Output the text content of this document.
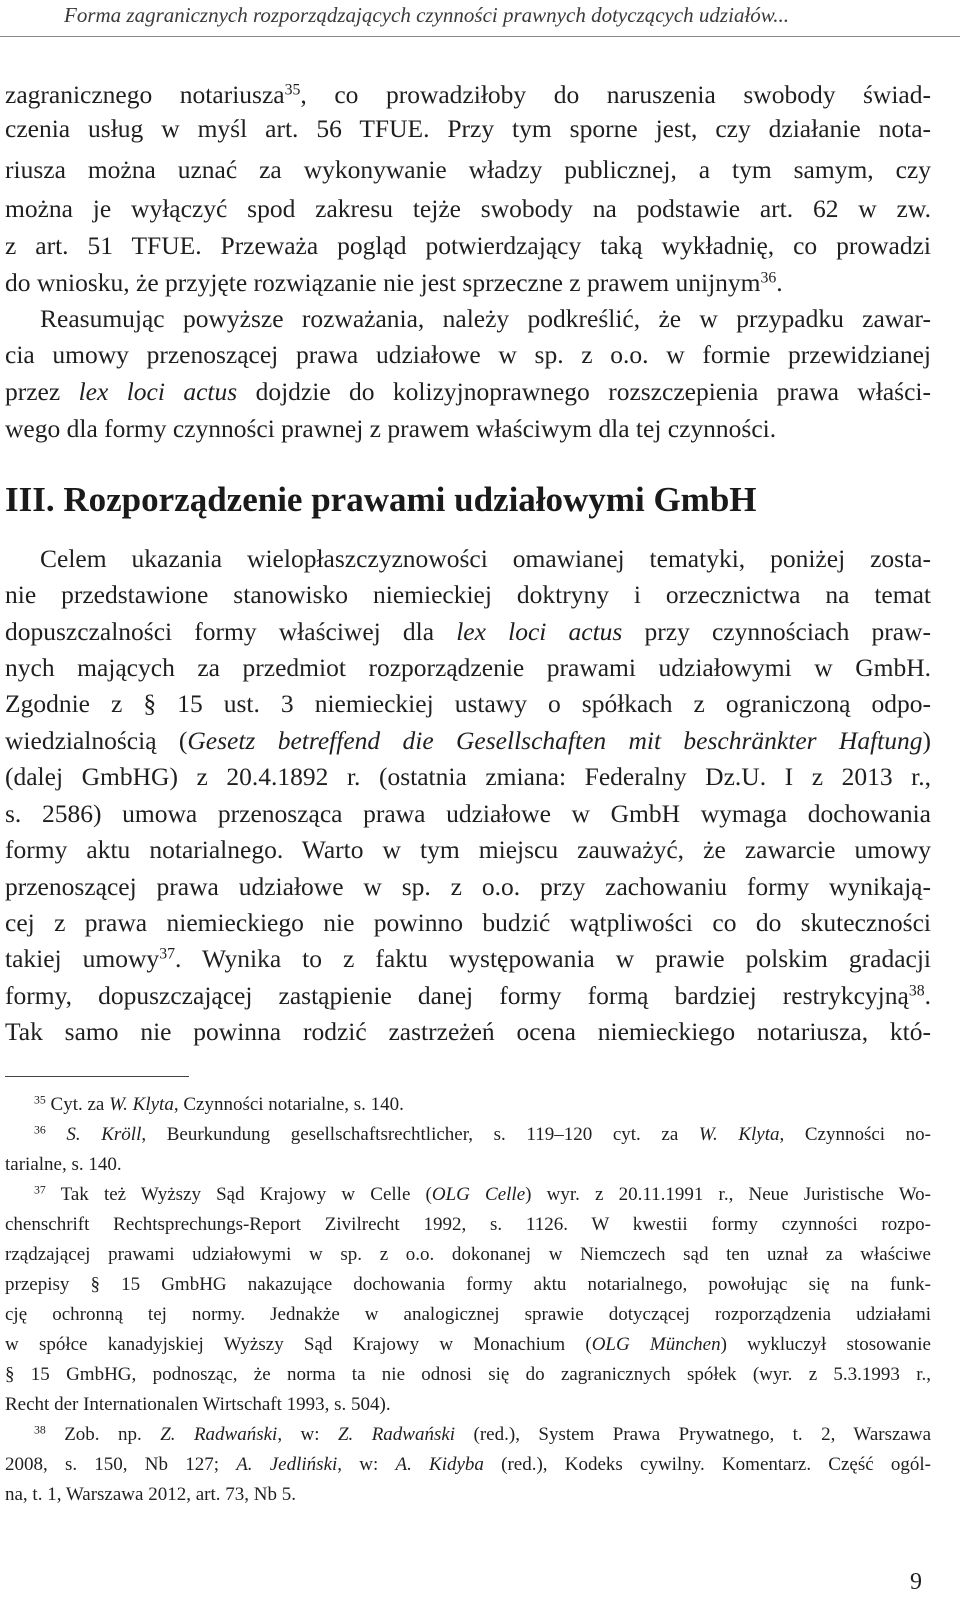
Forma zagranicznych rozporządzających czynności prawnych dotyczących udziałów...
zagranicznego notariusza$^{35}$, co prowadziłoby do naruszenia swobody świad-
czenia usług w myśl art. 56 TFUE. Przy tym sporne jest, czy działanie nota-
riusza można uznać za wykonywanie władzy publicznej, a tym samym, czy
można je wyłączyć spod zakresu tejże swobody na podstawie art. 62 w zw.
z art. 51 TFUE. Przeważa pogląd potwierdzający taką wykładnię, co prowadzi
do wniosku, że przyjęte rozwiązanie nie jest sprzeczne z prawem unijnym$^{36}$.
Reasumując powyższe rozważania, należy podkreślić, że w przypadku zawar-
cia umowy przenoszącej prawa udziałowe w sp. z o.o. w formie przewidzianej
przez lex loci actus dojdzie do kolizyjnoprawnego rozszczepienia prawa właści-
wego dla formy czynności prawnej z prawem właściwym dla tej czynności.
III. Rozporządzenie prawami udziałowymi GmbH
Celem ukazania wielopłaszczyznowości omawianej tematyki, poniżej zosta-
nie przedstawione stanowisko niemieckiej doktryny i orzecznictwa na temat
dopuszczalności formy właściwej dla lex loci actus przy czynnościach praw-
nych mających za przedmiot rozporządzenie prawami udziałowymi w GmbH.
Zgodnie z § 15 ust. 3 niemieckiej ustawy o spółkach z ograniczoną odpo-
wiedzialnością (Gesetz betreffend die Gesellschaften mit beschränkter Haftung)
(dalej GmbHG) z 20.4.1892 r. (ostatnia zmiana: Federalny Dz.U. I z 2013 r.,
s. 2586) umowa przenosząca prawa udziałowe w GmbH wymaga dochowania
formy aktu notarialnego. Warto w tym miejscu zauważyć, że zawarcie umowy
przenoszącej prawa udziałowe w sp. z o.o. przy zachowaniu formy wynikają-
cej z prawa niemieckiego nie powinno budzić wątpliwości co do skuteczności
takiej umowy$^{37}$. Wynika to z faktu występowania w prawie polskim gradacji
formy, dopuszczającej zastąpienie danej formy formą bardziej restrykcyjną$^{38}$.
Tak samo nie powinna rodzić zastrzeżeń ocena niemieckiego notariusza, któ-
$^{35}$ Cyt. za W. Klyta, Czynności notarialne, s. 140.
$^{36}$ S. Kröll, Beurkundung gesellschaftsrechtlicher, s. 119–120 cyt. za W. Klyta, Czynności no-
tarialne, s. 140.
$^{37}$ Tak też Wyższy Sąd Krajowy w Celle (OLG Celle) wyr. z 20.11.1991 r., Neue Juristische Wo-
chenschrift Rechtsprechungs-Report Zivilrecht 1992, s. 1126. W kwestii formy czynności rozpo-
rządzającej prawami udziałowymi w sp. z o.o. dokonanej w Niemczech sąd ten uznał za właściwe
przepisy § 15 GmbHG nakazujące dochowania formy aktu notarialnego, powołując się na funk-
cję ochronną tej normy. Jednakże w analogicznej sprawie dotyczącej rozporządzenia udziałami
w spółce kanadyjskiej Wyższy Sąd Krajowy w Monachium (OLG München) wykluczył stosowanie
§ 15 GmbHG, podnosząc, że norma ta nie odnosi się do zagranicznych spółek (wyr. z 5.3.1993 r.,
Recht der Internationalen Wirtschaft 1993, s. 504).
$^{38}$ Zob. np. Z. Radwański, w: Z. Radwański (red.), System Prawa Prywatnego, t. 2, Warszawa
2008, s. 150, Nb 127; A. Jedliński, w: A. Kidyba (red.), Kodeks cywilny. Komentarz. Część ogól-
na, t. 1, Warszawa 2012, art. 73, Nb 5.
9
